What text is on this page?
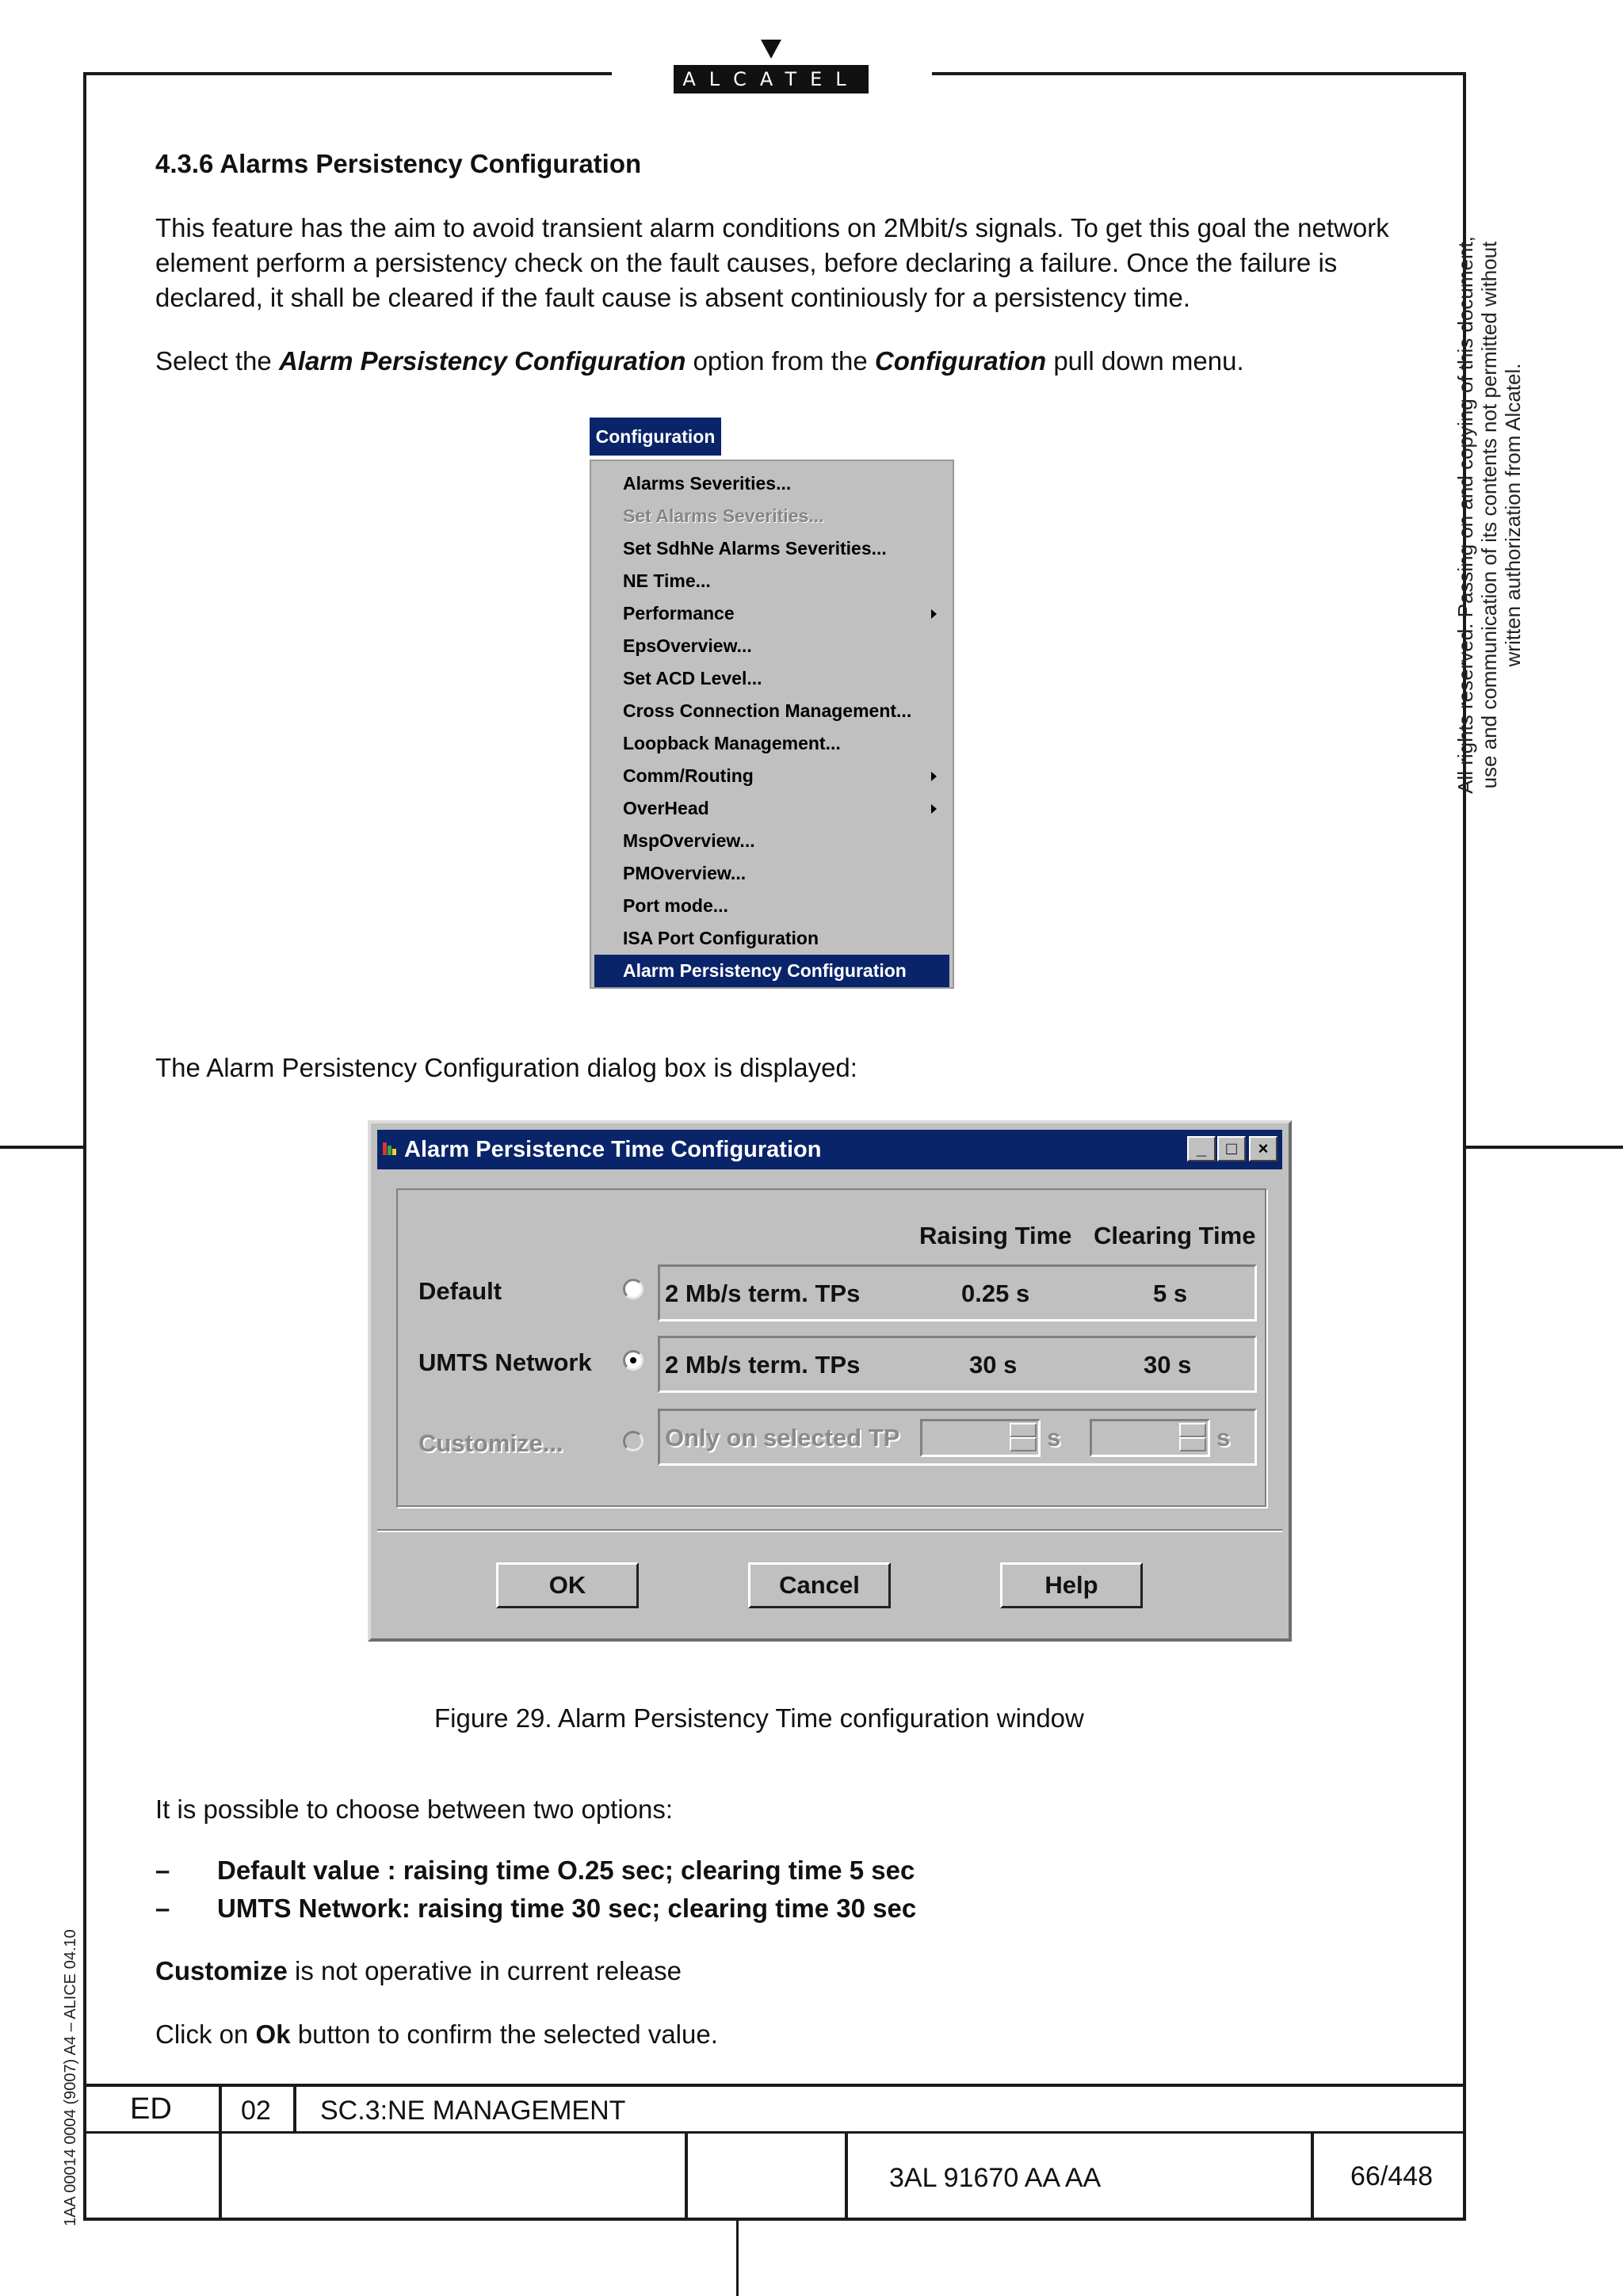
ALCATEL
All rights reserved. Passing on and copying of this document, use and communication of its contents not permitted without written authorization from Alcatel.
1AA 00014 0004 (9007) A4 – ALICE 04.10
4.3.6 Alarms Persistency Configuration
This feature has the aim to avoid transient alarm conditions on 2Mbit/s signals. To get this goal the network element perform a persistency check on the fault causes, before declaring a failure. Once the failure is declared, it shall be cleared if the fault cause is absent continiously for a persistency time.
Select the Alarm Persistency Configuration option from the Configuration pull down menu.
Configuration
Alarms Severities...
Set Alarms Severities...
Set SdhNe Alarms Severities...
NE Time...
Performance
EpsOverview...
Set ACD Level...
Cross Connection Management...
Loopback Management...
Comm/Routing
OverHead
MspOverview...
PMOverview...
Port mode...
ISA Port Configuration
Alarm Persistency Configuration
The Alarm Persistency Configuration dialog box is displayed:
Alarm Persistence Time Configuration	_	□	×
Raising Time Clearing Time
Default	2 Mb/s term. TPs	0.25 s	5 s
UMTS Network	2 Mb/s term. TPs	30 s	30 s
Customize...	Only on selected TP	s	s
OK	Cancel	Help
Figure 29. Alarm Persistency Time configuration window
It is possible to choose between two options:
– Default value : raising time O.25 sec; clearing time 5 sec
– UMTS Network: raising time 30 sec; clearing time 30 sec
Customize is not operative in current release
Click on Ok button to confirm the selected value.
ED	02 SC.3:NE MANAGEMENT
3AL 91670 AA AA	66/448
